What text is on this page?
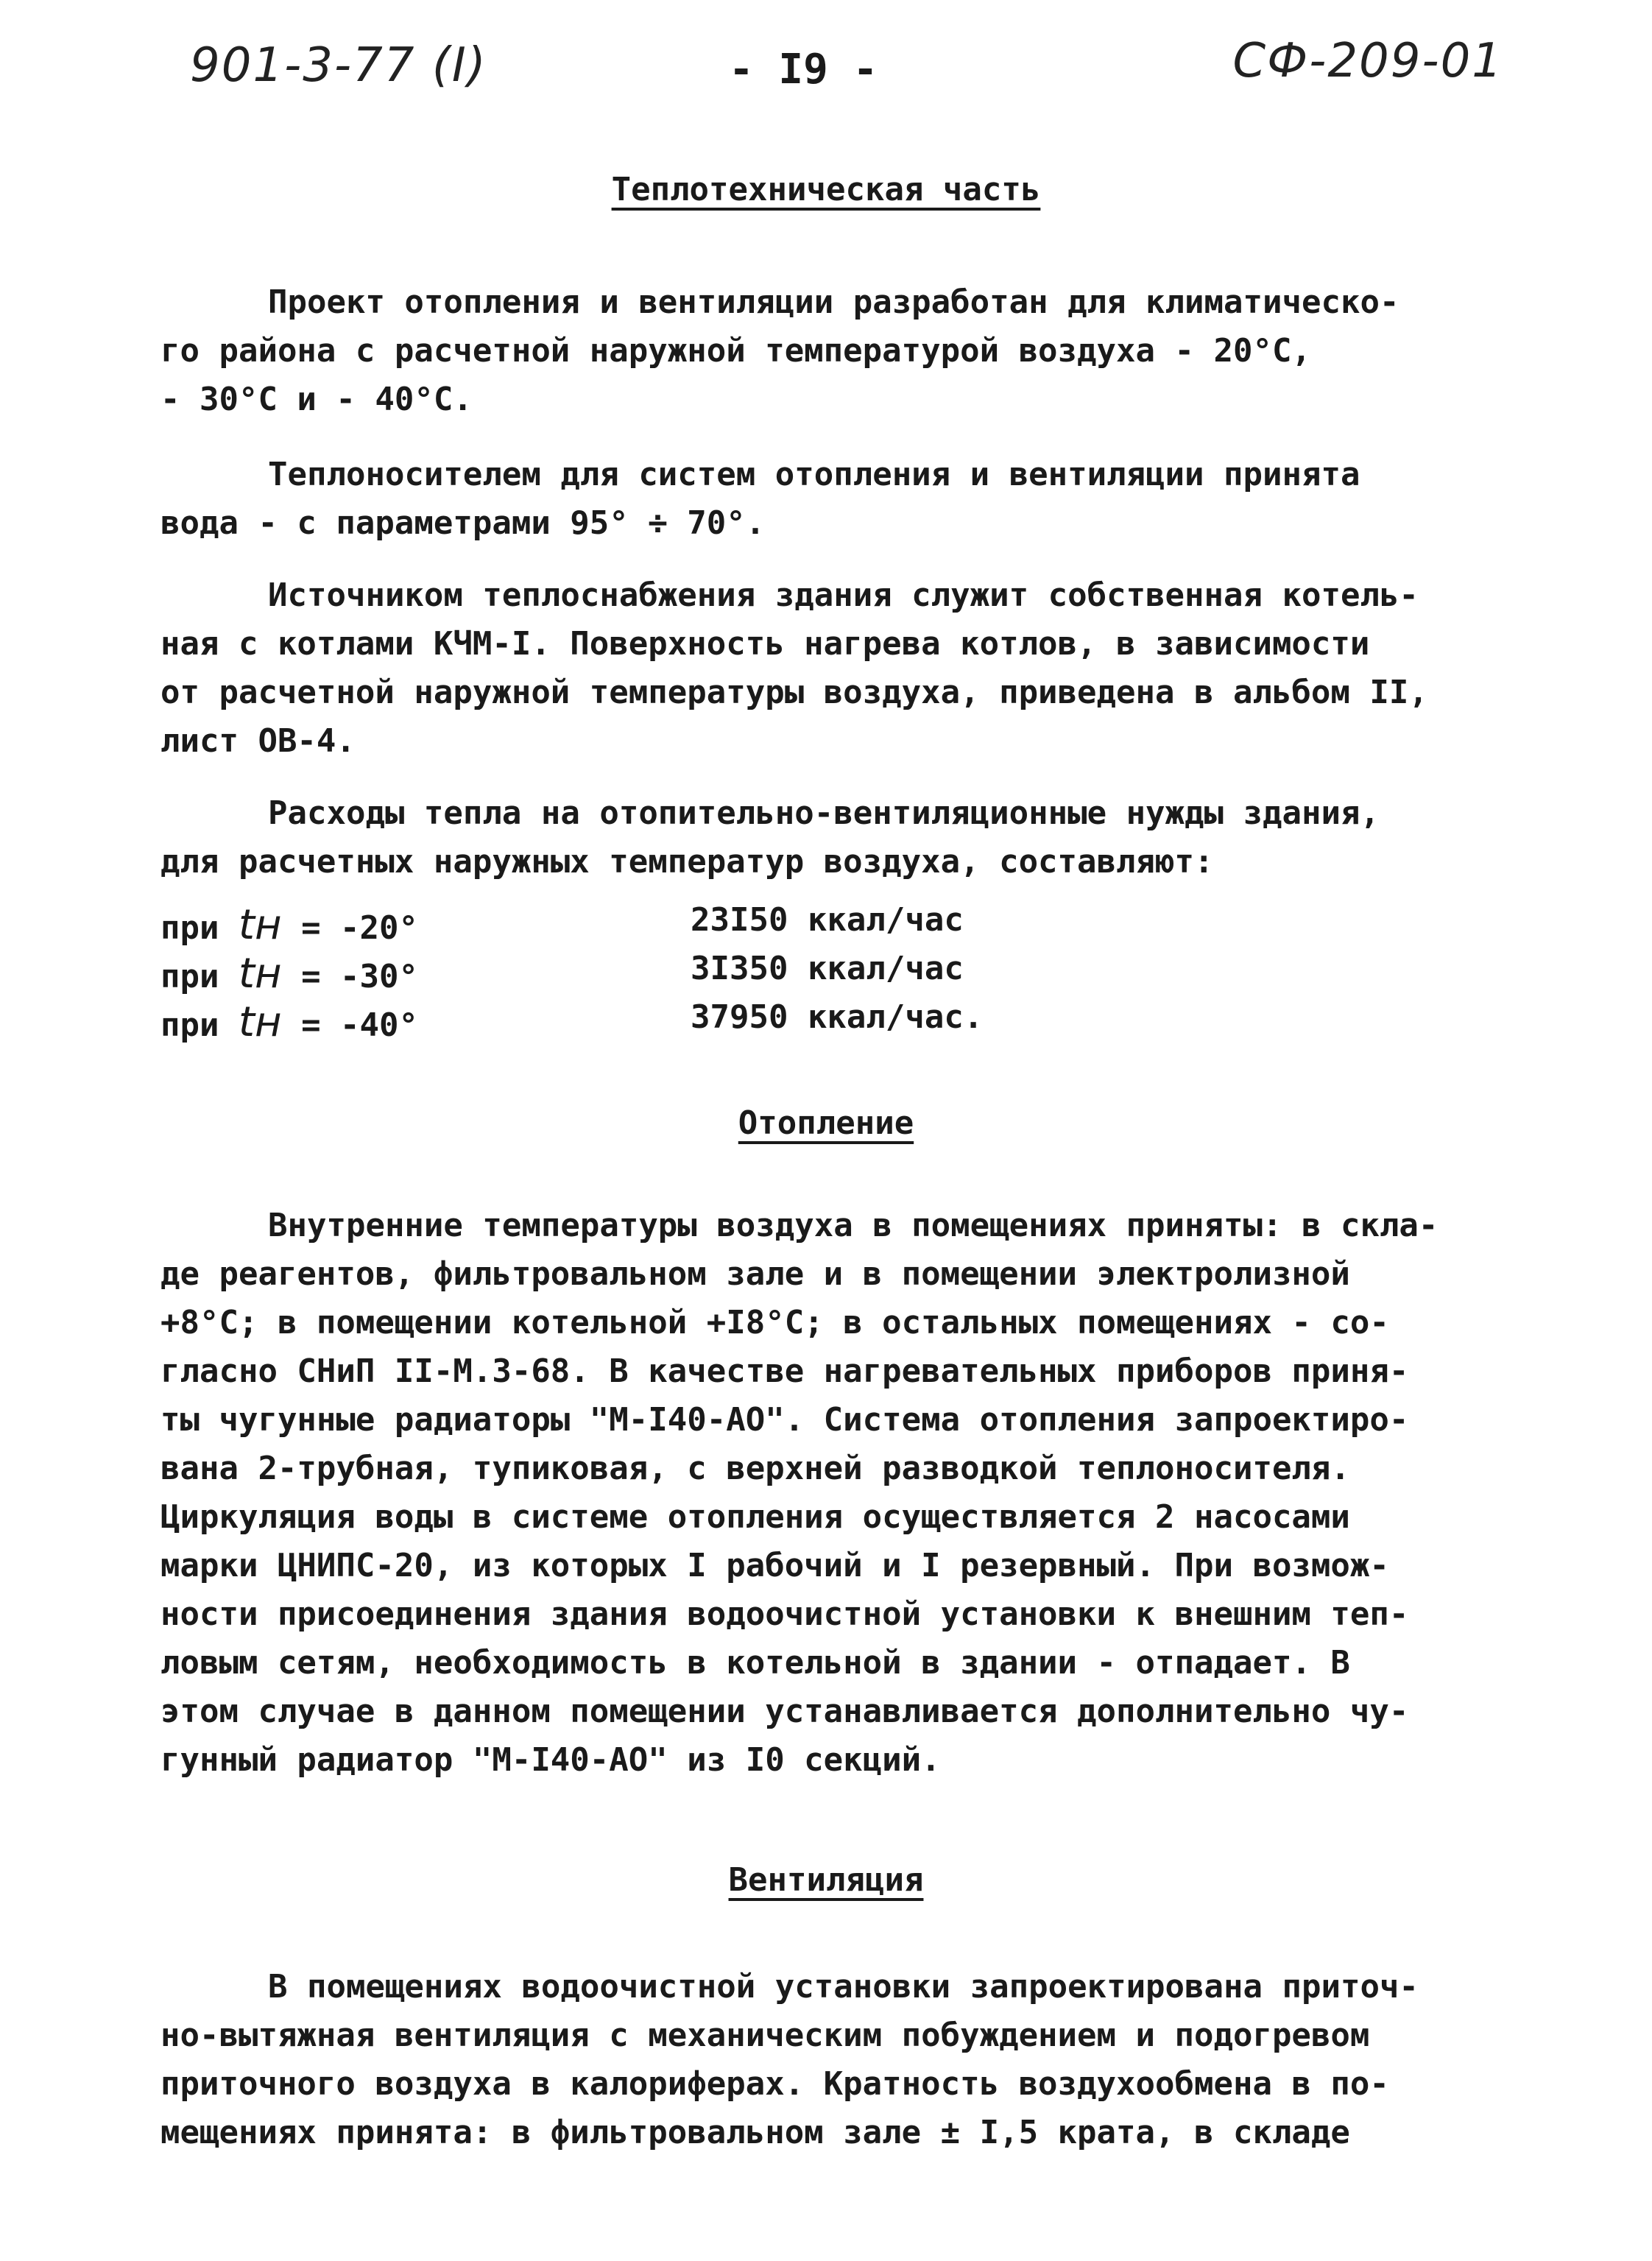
901-3-77 (I)	- I9 -	СФ-209-01
Теплотехническая часть
Проект отопления и вентиляции разработан для климатическо-
го района с расчетной наружной температурой воздуха - 20°С,
- 30°С и - 40°С.
Теплоносителем для систем отопления и вентиляции принята
вода - с параметрами 95° ÷ 70°.
Источником теплоснабжения здания служит собственная котель-
ная с котлами КЧМ-I. Поверхность нагрева котлов, в зависимости
от расчетной наружной температуры воздуха, приведена в альбом II,
лист ОВ-4.
Расходы тепла на отопительно-вентиляционные нужды здания,
для расчетных наружных температур воздуха, составляют:
при tн = -20°	23I50 ккал/час
при tн = -30°	3I350 ккал/час
при tн = -40°	37950 ккал/час.
Отопление
Внутренние температуры воздуха в помещениях приняты: в скла-
де реагентов, фильтровальном зале и в помещении электролизной
+8°С; в помещении котельной +I8°С; в остальных помещениях - со-
гласно СНиП II-М.3-68. В качестве нагревательных приборов приня-
ты чугунные радиаторы "М-I40-АО". Система отопления запроектиро-
вана 2-трубная, тупиковая, с верхней разводкой теплоносителя.
Циркуляция воды в системе отопления осуществляется 2 насосами
марки ЦНИПС-20, из которых I рабочий и I резервный. При возмож-
ности присоединения здания водоочистной установки к внешним теп-
ловым сетям, необходимость в котельной в здании - отпадает. В
этом случае в данном помещении устанавливается дополнительно чу-
гунный радиатор "М-I40-АО" из I0 секций.
Вентиляция
В помещениях водоочистной установки запроектирована приточ-
но-вытяжная вентиляция с механическим побуждением и подогревом
приточного воздуха в калориферах. Кратность воздухообмена в по-
мещениях принята: в фильтровальном зале ± I,5 крата, в складе
